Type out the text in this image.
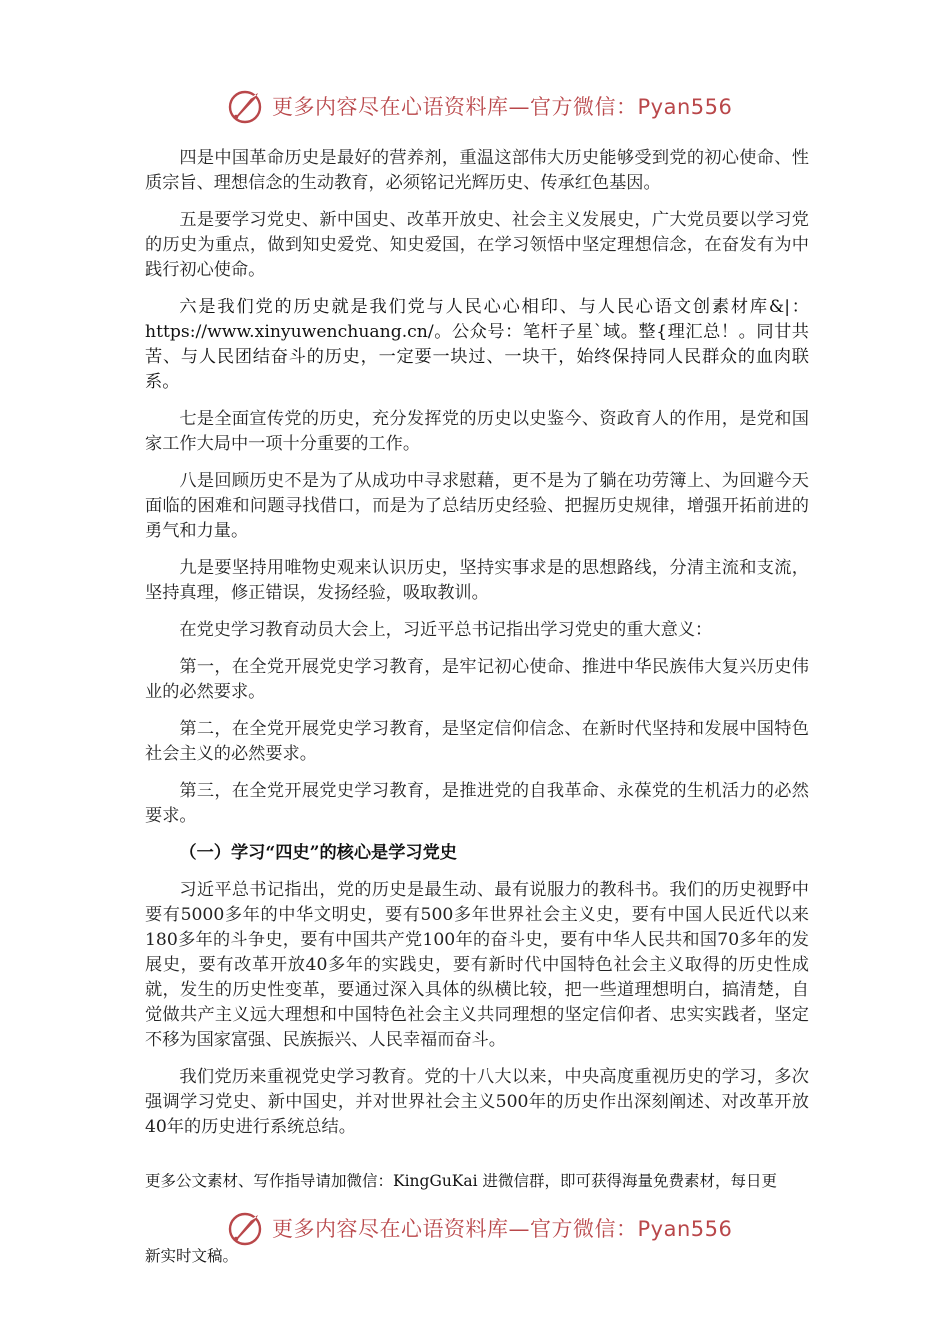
更多内容尽在心语资料库—官方微信：Pyan556

四是中国革命历史是最好的营养剂，重温这部伟大历史能够受到党的初心使命、性质宗旨、理想信念的生动教育，必须铭记光辉历史、传承红色基因。

五是要学习党史、新中国史、改革开放史、社会主义发展史，广大党员要以学习党的历史为重点，做到知史爱党、知史爱国，在学习领悟中坚定理想信念，在奋发有为中践行初心使命。

六是我们党的历史就是我们党与人民心心相印、与人民心语文创素材库&|：https://www.xinyuwenchuang.cn/。公众号：笔杆子星`域。整{理汇总！。同甘共苦、与人民团结奋斗的历史，一定要一块过、一块干，始终保持同人民群众的血肉联系。

七是全面宣传党的历史，充分发挥党的历史以史鉴今、资政育人的作用，是党和国家工作大局中一项十分重要的工作。

八是回顾历史不是为了从成功中寻求慰藉，更不是为了躺在功劳簿上、为回避今天面临的困难和问题寻找借口，而是为了总结历史经验、把握历史规律，增强开拓前进的勇气和力量。

九是要坚持用唯物史观来认识历史，坚持实事求是的思想路线，分清主流和支流，坚持真理，修正错误，发扬经验，吸取教训。

在党史学习教育动员大会上，习近平总书记指出学习党史的重大意义：

第一，在全党开展党史学习教育，是牢记初心使命、推进中华民族伟大复兴历史伟业的必然要求。

第二，在全党开展党史学习教育，是坚定信仰信念、在新时代坚持和发展中国特色社会主义的必然要求。

第三，在全党开展党史学习教育，是推进党的自我革命、永葆党的生机活力的必然要求。

（一）学习“四史”的核心是学习党史

习近平总书记指出，党的历史是最生动、最有说服力的教科书。我们的历史视野中要有5000多年的中华文明史，要有500多年世界社会主义史，要有中国人民近代以来180多年的斗争史，要有中国共产党100年的奋斗史，要有中华人民共和国70多年的发展史，要有改革开放40多年的实践史，要有新时代中国特色社会主义取得的历史性成就，发生的历史性变革，要通过深入具体的纵横比较，把一些道理想明白，搞清楚，自觉做共产主义远大理想和中国特色社会主义共同理想的坚定信仰者、忠实实践者，坚定不移为国家富强、民族振兴、人民幸福而奋斗。

我们党历来重视党史学习教育。党的十八大以来，中央高度重视历史的学习，多次强调学习党史、新中国史，并对世界社会主义500年的历史作出深刻阐述、对改革开放40年的历史进行系统总结。

更多公文素材、写作指导请加微信：KingGuKai 进微信群，即可获得海量免费素材，每日更
更多内容尽在心语资料库—官方微信：Pyan556
新实时文稿。
